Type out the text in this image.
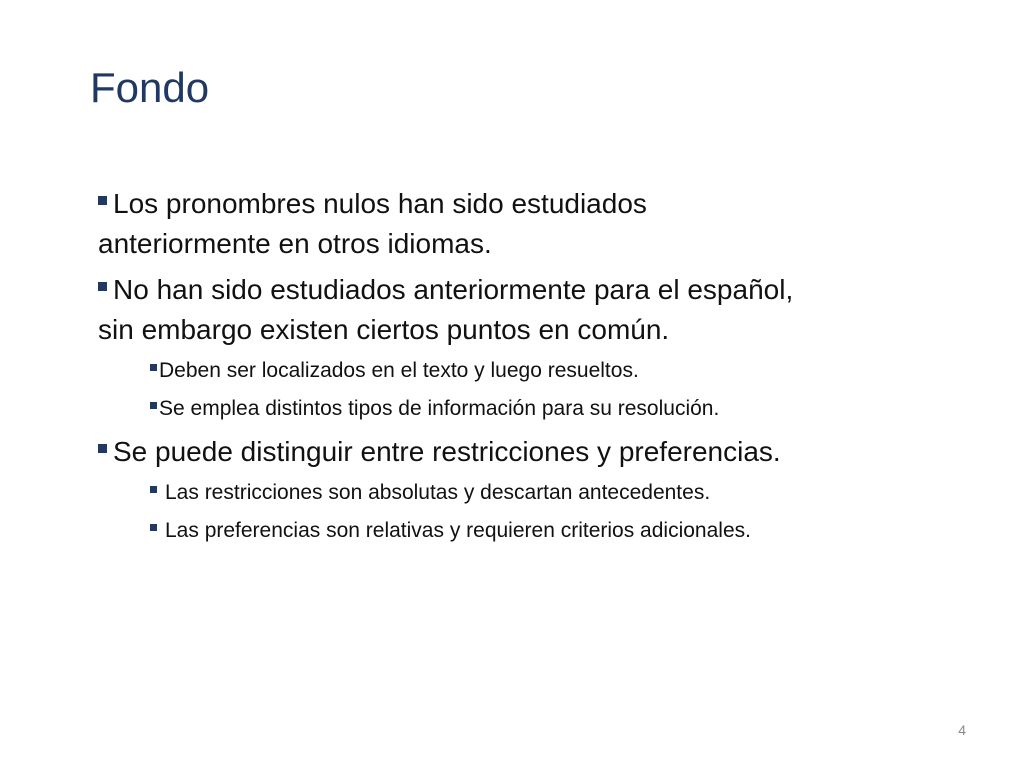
Fondo
Los pronombres nulos han sido estudiados
anteriormente en otros idiomas.
No han sido estudiados anteriormente para el español,
sin embargo existen ciertos puntos en común.
Deben ser localizados en el texto y luego resueltos.
Se emplea distintos tipos de información para su resolución.
Se puede distinguir entre restricciones y preferencias.
Las restricciones son absolutas y descartan antecedentes.
Las preferencias son relativas y requieren criterios adicionales.
4
